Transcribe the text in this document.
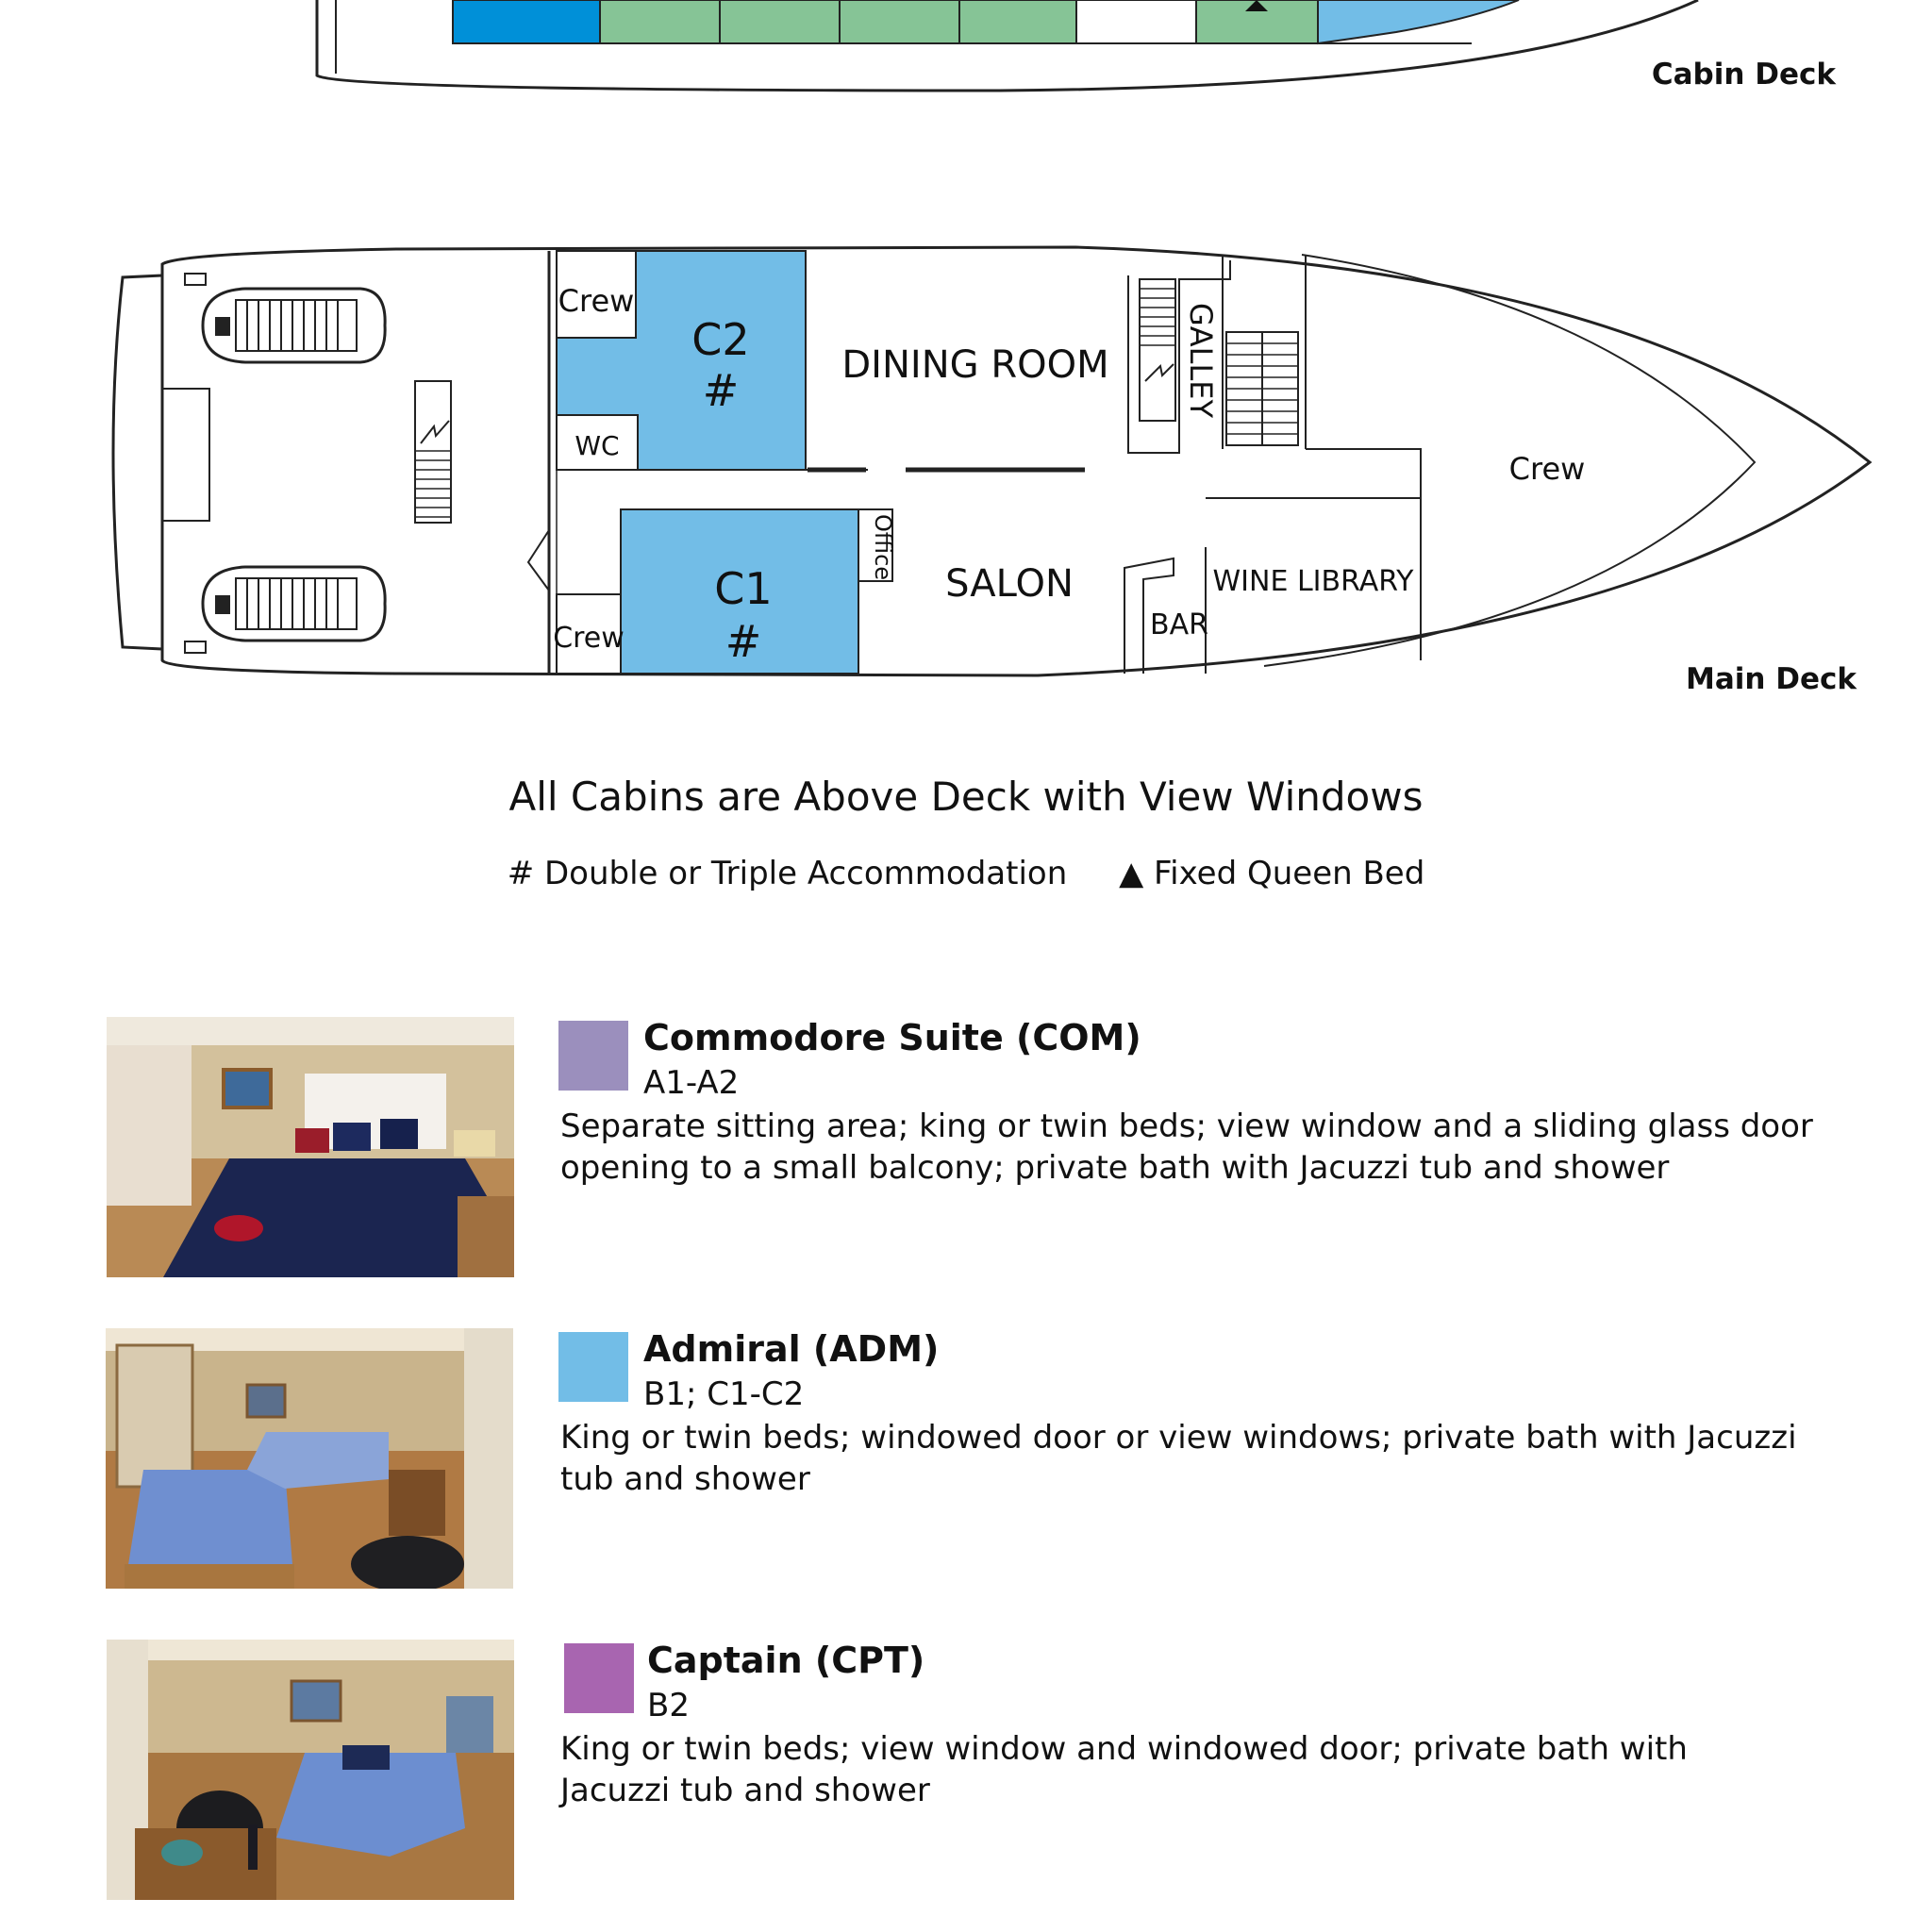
Cabin Deck
Crew
WC
C2
#	DINING ROOM GALLEY
Crew
Crew
C1
#
Office
SALON
BAR
WINE LIBRARY
Main Deck
All Cabins are Above Deck with View Windows
# Double or Triple Accommodation ▲ Fixed Queen Bed
Commodore Suite (COM)
A1-A2
Separate sitting area; king or twin beds; view window and a sliding glass door opening to a small balcony; private bath with Jacuzzi tub and shower
Admiral (ADM)
B1; C1-C2
King or twin beds; windowed door or view windows; private bath with Jacuzzi tub and shower
Captain (CPT)
B2
King or twin beds; view window and windowed door; private bath with Jacuzzi tub and shower
